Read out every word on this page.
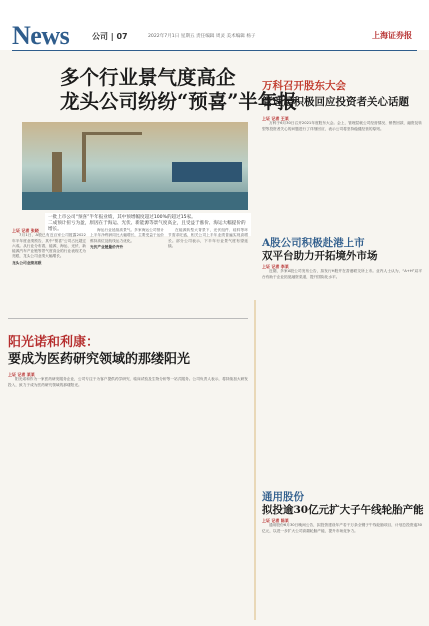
News	公司 | 07	2022年7月1日 星期五 责任编辑 周灵 美术编辑 杨子	上海证券报
多个行业景气度高企
龙头公司纷纷“预喜”半年报
一批上市公司“预喜”半年报业绩，其中预增幅度超过100%的超过15家。
二成预计扭亏为盈，原因在于海运、光伏、新能源等景气度高企，且受益于涨价、海运大幅提价的增长。
上证 记者 张晓

7月1日，A股已有近百家公司披露2022年半年度业绩预告，其中“预喜”公司占比超过六成。从行业分布看，能源、海运、光伏、新能源汽车产业链等景气度高企的行业表现尤为亮眼，龙头公司业绩大幅增长。

龙头公司业绩亮眼

海运行业延续高景气。多家海运公司预计上半年净利润同比大幅增长，主要受益于运价维持高位及航线运力优化。

光伏产业链量价齐升

在能源转型大背景下，光伏组件、硅料等环节需求旺盛，相关公司上半年业绩普遍实现高增长。部分公司表示，下半年行业景气度有望延续。

万科召开股东大会
管理层积极回应投资者关心话题
上证 记者 王某

万科于6月30日召开2021年度股东大会。会上，管理层就公司经营情况、销售回款、融资及转型等投资者关心的问题进行了详细回应，表示公司将坚持稳健经营的原则。

A股公司积极赴港上市
双平台助力开拓境外市场
上证 记者 李某

近期，多家A股公司发布公告，拟发行H股并在香港联交所上市。业内人士认为，“A+H”双平台有助于企业拓宽融资渠道，提升国际化水平。

阳光诺和利康：
要成为医药研究领域的那缕阳光
上证 记者 某某

阳光诺和作为一家医药研发服务企业，公司专注于为客户提供药学研究、临床试验及生物分析等一站式服务。公司负责人表示，将持续加大研发投入，致力于成为医药研究领域的那缕阳光。

通用股份
拟投逾30亿元扩大子午线轮胎产能
上证 记者 陈某

通用股份6月30日晚间公告，拟投资建设年产若干万条全钢子午线轮胎项目，计划总投资逾30亿元，以进一步扩大公司高端轮胎产能，提升市场竞争力。
